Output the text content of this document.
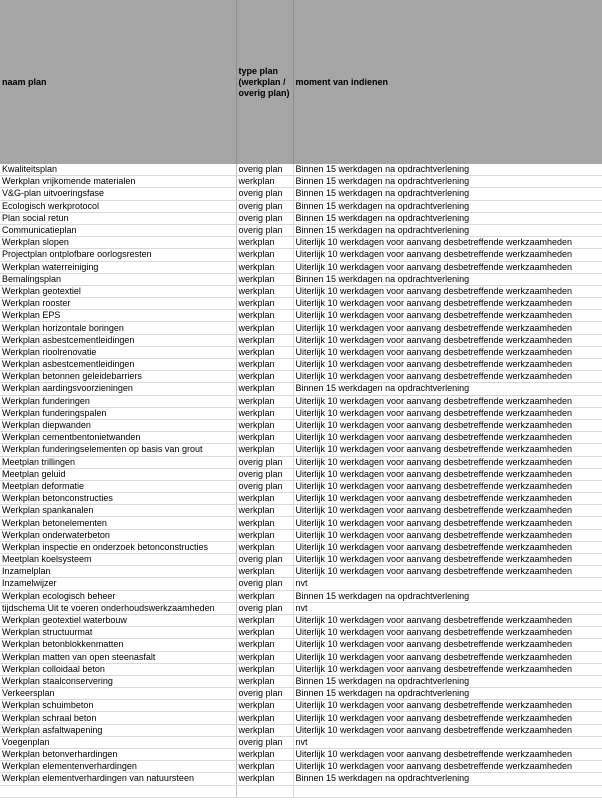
naam plan	type plan (werkplan / overig plan)	moment van indienen
Kwaliteitsplan	overig plan	Binnen 15 werkdagen na opdrachtverlening
Werkplan vrijkomende materialen	werkplan	Binnen 15 werkdagen na opdrachtverlening
V&G-plan uitvoeringsfase	overig plan	Binnen 15 werkdagen na opdrachtverlening
Ecologisch werkprotocol	overig plan	Binnen 15 werkdagen na opdrachtverlening
Plan social retun	overig plan	Binnen 15 werkdagen na opdrachtverlening
Communicatieplan	overig plan	Binnen 15 werkdagen na opdrachtverlening
Werkplan slopen	werkplan	Uiterlijk 10 werkdagen voor aanvang desbetreffende werkzaamheden
Projectplan ontplofbare oorlogsresten	werkplan	Uiterlijk 10 werkdagen voor aanvang desbetreffende werkzaamheden
Werkplan waterreiniging	werkplan	Uiterlijk 10 werkdagen voor aanvang desbetreffende werkzaamheden
Bemalingsplan	werkplan	Binnen 15 werkdagen na opdrachtverlening
Werkplan geotextiel	werkplan	Uiterlijk 10 werkdagen voor aanvang desbetreffende werkzaamheden
Werkplan rooster	werkplan	Uiterlijk 10 werkdagen voor aanvang desbetreffende werkzaamheden
Werkplan EPS	werkplan	Uiterlijk 10 werkdagen voor aanvang desbetreffende werkzaamheden
Werkplan horizontale boringen	werkplan	Uiterlijk 10 werkdagen voor aanvang desbetreffende werkzaamheden
Werkplan asbestcementleidingen	werkplan	Uiterlijk 10 werkdagen voor aanvang desbetreffende werkzaamheden
Werkplan rioolrenovatie	werkplan	Uiterlijk 10 werkdagen voor aanvang desbetreffende werkzaamheden
Werkplan asbestcementleidingen	werkplan	Uiterlijk 10 werkdagen voor aanvang desbetreffende werkzaamheden
Werkplan betonnen geleidebarriers	werkplan	Uiterlijk 10 werkdagen voor aanvang desbetreffende werkzaamheden
Werkplan aardingsvoorzieningen	werkplan	Binnen 15 werkdagen na opdrachtverlening
Werkplan funderingen	werkplan	Uiterlijk 10 werkdagen voor aanvang desbetreffende werkzaamheden
Werkplan funderingspalen	werkplan	Uiterlijk 10 werkdagen voor aanvang desbetreffende werkzaamheden
Werkplan diepwanden	werkplan	Uiterlijk 10 werkdagen voor aanvang desbetreffende werkzaamheden
Werkplan cementbentonietwanden	werkplan	Uiterlijk 10 werkdagen voor aanvang desbetreffende werkzaamheden
Werkplan funderingselementen op basis van grout	werkplan	Uiterlijk 10 werkdagen voor aanvang desbetreffende werkzaamheden
Meetplan trillingen	overig plan	Uiterlijk 10 werkdagen voor aanvang desbetreffende werkzaamheden
Meetplan geluid	overig plan	Uiterlijk 10 werkdagen voor aanvang desbetreffende werkzaamheden
Meetplan deformatie	overig plan	Uiterlijk 10 werkdagen voor aanvang desbetreffende werkzaamheden
Werkplan betonconstructies	werkplan	Uiterlijk 10 werkdagen voor aanvang desbetreffende werkzaamheden
Werkplan spankanalen	werkplan	Uiterlijk 10 werkdagen voor aanvang desbetreffende werkzaamheden
Werkplan betonelementen	werkplan	Uiterlijk 10 werkdagen voor aanvang desbetreffende werkzaamheden
Werkplan onderwaterbeton	werkplan	Uiterlijk 10 werkdagen voor aanvang desbetreffende werkzaamheden
Werkplan inspectie en onderzoek betonconstructies	werkplan	Uiterlijk 10 werkdagen voor aanvang desbetreffende werkzaamheden
Meetplan koelsysteem	overig plan	Uiterlijk 10 werkdagen voor aanvang desbetreffende werkzaamheden
Inzamelplan	werkplan	Uiterlijk 10 werkdagen voor aanvang desbetreffende werkzaamheden
Inzamelwijzer	overig plan	nvt
Werkplan ecologisch beheer	werkplan	Binnen 15 werkdagen na opdrachtverlening
tijdschema Uit te voeren onderhoudswerkzaamheden	overig plan	nvt
Werkplan geotextiel waterbouw	werkplan	Uiterlijk 10 werkdagen voor aanvang desbetreffende werkzaamheden
Werkplan structuurmat	werkplan	Uiterlijk 10 werkdagen voor aanvang desbetreffende werkzaamheden
Werkplan betonblokkenmatten	werkplan	Uiterlijk 10 werkdagen voor aanvang desbetreffende werkzaamheden
Werkplan matten van open steenasfalt	werkplan	Uiterlijk 10 werkdagen voor aanvang desbetreffende werkzaamheden
Werkplan colloidaal beton	werkplan	Uiterlijk 10 werkdagen voor aanvang desbetreffende werkzaamheden
Werkplan staalconservering	werkplan	Binnen 15 werkdagen na opdrachtverlening
Verkeersplan	overig plan	Binnen 15 werkdagen na opdrachtverlening
Werkplan schuimbeton	werkplan	Uiterlijk 10 werkdagen voor aanvang desbetreffende werkzaamheden
Werkplan schraal beton	werkplan	Uiterlijk 10 werkdagen voor aanvang desbetreffende werkzaamheden
Werkplan asfaltwapening	werkplan	Uiterlijk 10 werkdagen voor aanvang desbetreffende werkzaamheden
Voegenplan	overig plan	nvt
Werkplan betonverhardingen	werkplan	Uiterlijk 10 werkdagen voor aanvang desbetreffende werkzaamheden
Werkplan elementenverhardingen	werkplan	Uiterlijk 10 werkdagen voor aanvang desbetreffende werkzaamheden
Werkplan elementverhardingen van natuursteen	werkplan	Binnen 15 werkdagen na opdrachtverlening
